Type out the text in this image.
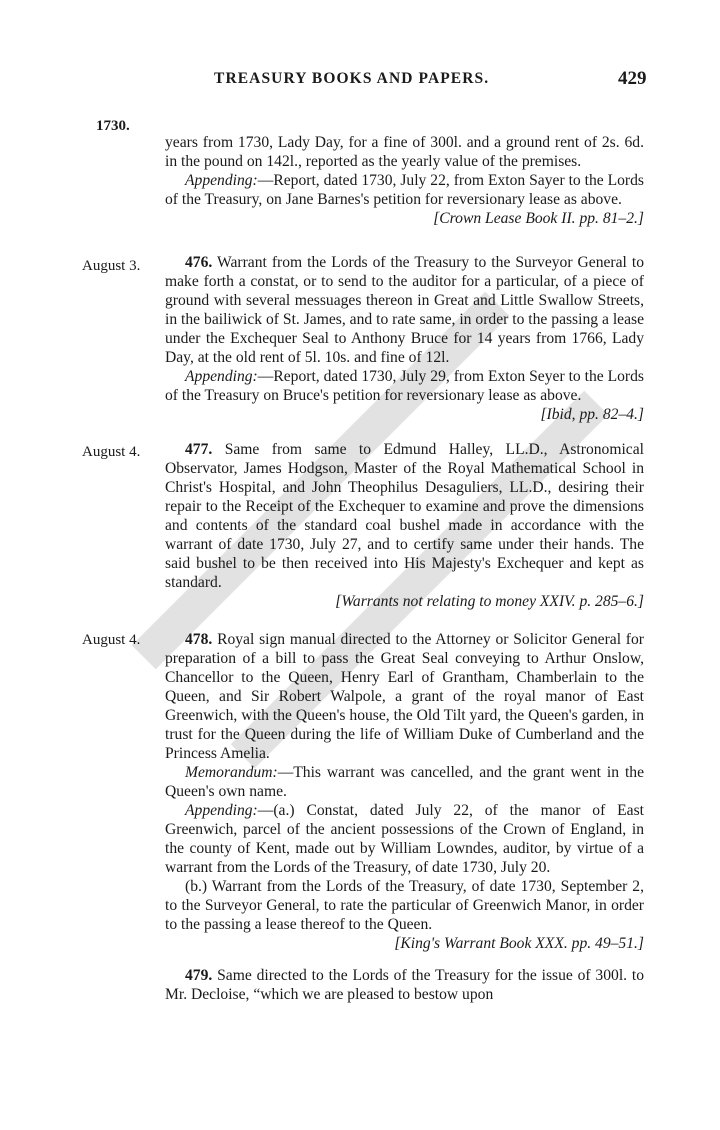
TREASURY BOOKS AND PAPERS.	429
1730.
August 3.
August 4.
August 4.

years from 1730, Lady Day, for a fine of 300l. and a ground rent of 2s. 6d. in the pound on 142l., reported as the yearly value of the premises.

Appending:—Report, dated 1730, July 22, from Exton Sayer to the Lords of the Treasury, on Jane Barnes's petition for reversionary lease as above.

[Crown Lease Book II. pp. 81–2.]

476. Warrant from the Lords of the Treasury to the Surveyor General to make forth a constat, or to send to the auditor for a particular, of a piece of ground with several messuages thereon in Great and Little Swallow Streets, in the bailiwick of St. James, and to rate same, in order to the passing a lease under the Exchequer Seal to Anthony Bruce for 14 years from 1766, Lady Day, at the old rent of 5l. 10s. and fine of 12l.

Appending:—Report, dated 1730, July 29, from Exton Seyer to the Lords of the Treasury on Bruce's petition for reversionary lease as above.

[Ibid, pp. 82–4.]

477. Same from same to Edmund Halley, LL.D., Astronomical Observator, James Hodgson, Master of the Royal Mathematical School in Christ's Hospital, and John Theophilus Desaguliers, LL.D., desiring their repair to the Receipt of the Exchequer to examine and prove the dimensions and contents of the standard coal bushel made in accordance with the warrant of date 1730, July 27, and to certify same under their hands. The said bushel to be then received into His Majesty's Exchequer and kept as standard.

[Warrants not relating to money XXIV. p. 285–6.]

478. Royal sign manual directed to the Attorney or Solicitor General for preparation of a bill to pass the Great Seal conveying to Arthur Onslow, Chancellor to the Queen, Henry Earl of Grantham, Chamberlain to the Queen, and Sir Robert Walpole, a grant of the royal manor of East Greenwich, with the Queen's house, the Old Tilt yard, the Queen's garden, in trust for the Queen during the life of William Duke of Cumberland and the Princess Amelia.

Memorandum:—This warrant was cancelled, and the grant went in the Queen's own name.

Appending:—(a.) Constat, dated July 22, of the manor of East Greenwich, parcel of the ancient possessions of the Crown of England, in the county of Kent, made out by William Lowndes, auditor, by virtue of a warrant from the Lords of the Treasury, of date 1730, July 20.

(b.) Warrant from the Lords of the Treasury, of date 1730, September 2, to the Surveyor General, to rate the particular of Greenwich Manor, in order to the passing a lease thereof to the Queen.

[King's Warrant Book XXX. pp. 49–51.]

479. Same directed to the Lords of the Treasury for the issue of 300l. to Mr. Decloise, “which we are pleased to bestow upon
